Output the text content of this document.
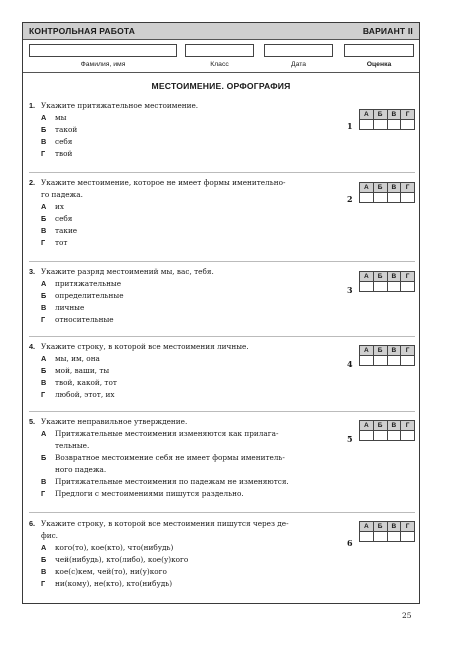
КОНТРОЛЬНАЯ РАБОТА	ВАРИАНТ II
Фамилия, имя	Класс	Дата	Оценка
МЕСТОИМЕНИЕ. ОРФОГРАФИЯ
1. Укажите притяжательное местоимение.
А мы
Б такой
В себя
Г твой
1
А	Б	В	Г

2. Укажите местоимение, которое не имеет формы именительно-
го падежа.
А их
Б себя
В такие
Г тот
2
А	Б	В	Г

3. Укажите разряд местоимений мы, вас, тебя.
А притяжательные
Б определительные
В личные
Г относительные
3
А	Б	В	Г

4. Укажите строку, в которой все местоимения личные.
А мы, им, она
Б мой, ваши, ты
В твой, какой, тот
Г любой, этот, их
4
А	Б	В	Г

5. Укажите неправильное утверждение.
А Притяжательные местоимения изменяются как прилага-
тельные.
Б Возвратное местоимение себя не имеет формы именитель-
ного падежа.
В Притяжательные местоимения по падежам не изменяются.
Г Предлоги с местоимениями пишутся раздельно.
5
А	Б	В	Г

6. Укажите строку, в которой все местоимения пишутся через де-
фис.
А кого(то), кое(кто), что(нибудь)
Б чей(нибудь), кто(либо), кое(у)кого
В кое(с)кем, чей(то), ни(у)кого
Г ни(кому), не(кто), кто(нибудь)
6
А	Б	В	Г

25
